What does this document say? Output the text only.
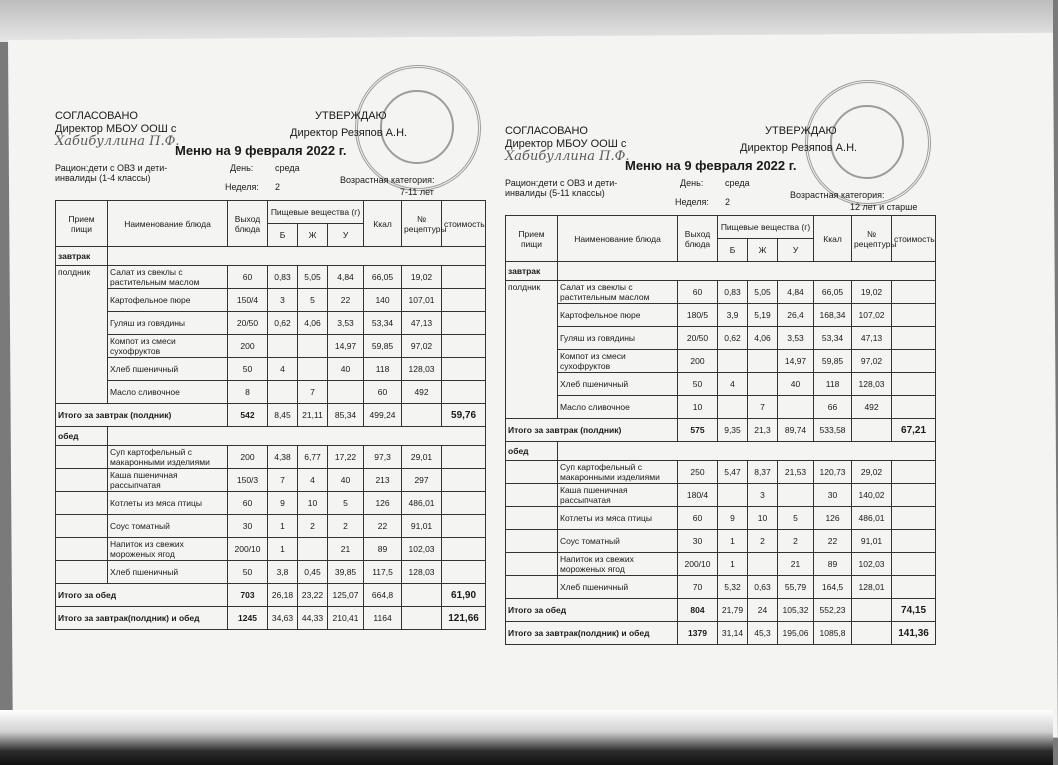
СОГЛАСОВАНО
Директор МБОУ ООШ с
Хабибуллина П.Ф.
УТВЕРЖДАЮ
Директор Резяпов А.Н.
Меню на 9 февраля 2022 г.
Рацион:дети с ОВЗ и дети-инвалиды (1-4 классы)
День: среда
Неделя: 2
Возрастная категория:
7-11 лет
Прием пищи	Наименование блюда	Выход блюда	Пищевые вещества (г)			Ккал	№ рецептуры	стоимость
			Б	Ж	У			
завтрак								
полдник	Салат из свеклы с растительным маслом	60	0,83	5,05	4,84	66,05	19,02	
	Картофельное пюре	150/4	3	5	22	140	107,01	
	Гуляш из говядины	20/50	0,62	4,06	3,53	53,34	47,13	
	Компот из смеси сухофруктов	200			14,97	59,85	97,02	
	Хлеб пшеничный	50	4		40	118	128,03	
	Масло сливочное	8		7		60	492	
Итого за завтрак (полдник)		542	8,45	21,11	85,34	499,24		59,76
обед								
	Суп картофельный с макаронными изделиями	200	4,38	6,77	17,22	97,3	29,01	
	Каша пшеничная рассыпчатая	150/3	7	4	40	213	297	
	Котлеты из мяса птицы	60	9	10	5	126	486,01	
	Соус томатный	30	1	2	2	22	91,01	
	Напиток из свежих мороженых ягод	200/10	1		21	89	102,03	
	Хлеб пшеничный	50	3,8	0,45	39,85	117,5	128,03	
Итого за обед		703	26,18	23,22	125,07	664,8		61,90
Итого за завтрак(полдник) и обед		1245	34,63	44,33	210,41	1164		121,66
СОГЛАСОВАНО
Директор МБОУ ООШ с
Хабибуллина П.Ф.
УТВЕРЖДАЮ
Директор Резяпов А.Н.
Меню на 9 февраля 2022 г.
Рацион:дети с ОВЗ и дети-инвалиды (5-11 классы)
День: среда
Неделя: 2
Возрастная категория:
12 лет и старше
Прием пищи	Наименование блюда	Выход блюда	Пищевые вещества (г)			Ккал	№ рецептуры	стоимость
			Б	Ж	У			
завтрак								
полдник	Салат из свеклы с растительным маслом	60	0,83	5,05	4,84	66,05	19,02	
	Картофельное пюре	180/5	3,9	5,19	26,4	168,34	107,02	
	Гуляш из говядины	20/50	0,62	4,06	3,53	53,34	47,13	
	Компот из смеси сухофруктов	200			14,97	59,85	97,02	
	Хлеб пшеничный	50	4		40	118	128,03	
	Масло сливочное	10		7		66	492	
Итого за завтрак (полдник)		575	9,35	21,3	89,74	533,58		67,21
обед								
	Суп картофельный с макаронными изделиями	250	5,47	8,37	21,53	120,73	29,02	
	Каша пшеничная рассыпчатая	180/4		3		30	140,02	
	Котлеты из мяса птицы	60	9	10	5	126	486,01	
	Соус томатный	30	1	2	2	22	91,01	
	Напиток из свежих мороженых ягод	200/10	1		21	89	102,03	
	Хлеб пшеничный	70	5,32	0,63	55,79	164,5	128,01	
Итого за обед		804	21,79	24	105,32	552,23		74,15
Итого за завтрак(полдник) и обед		1379	31,14	45,3	195,06	1085,8		141,36
